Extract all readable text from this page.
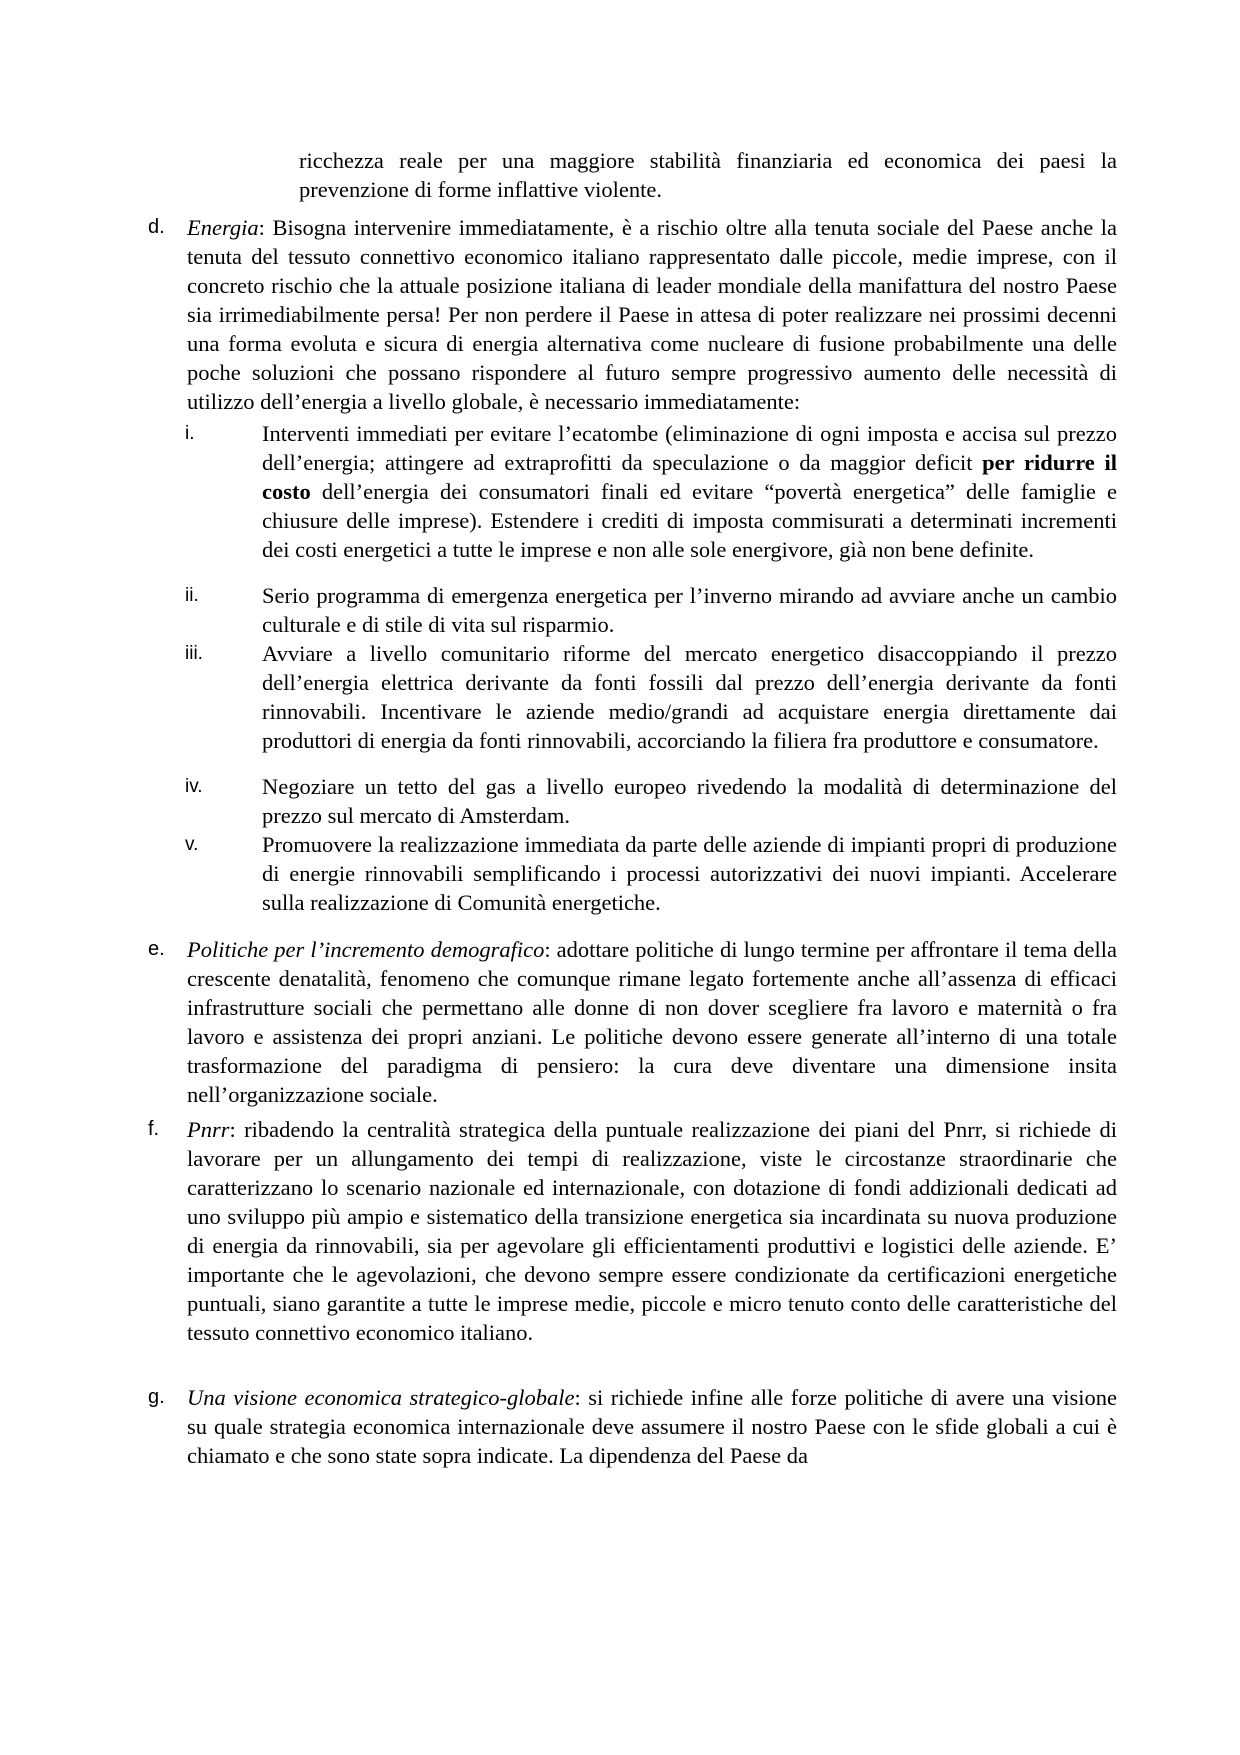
ricchezza reale per una maggiore stabilità finanziaria ed economica dei paesi la prevenzione di forme inflattive violente.
d. Energia: Bisogna intervenire immediatamente, è a rischio oltre alla tenuta sociale del Paese anche la tenuta del tessuto connettivo economico italiano rappresentato dalle piccole, medie imprese, con il concreto rischio che la attuale posizione italiana di leader mondiale della manifattura del nostro Paese sia irrimediabilmente persa! Per non perdere il Paese in attesa di poter realizzare nei prossimi decenni una forma evoluta e sicura di energia alternativa come nucleare di fusione probabilmente una delle poche soluzioni che possano rispondere al futuro sempre progressivo aumento delle necessità di utilizzo dell’energia a livello globale, è necessario immediatamente:
i.	Interventi immediati per evitare l’ecatombe (eliminazione di ogni imposta e accisa sul prezzo dell’energia; attingere ad extraprofitti da speculazione o da maggior deficit per ridurre il costo dell’energia dei consumatori finali ed evitare “povertà energetica” delle famiglie e chiusure delle imprese). Estendere i crediti di imposta commisurati a determinati incrementi dei costi energetici a tutte le imprese e non alle sole energivore, già non bene definite.
ii.	Serio programma di emergenza energetica per l’inverno mirando ad avviare anche un cambio culturale e di stile di vita sul risparmio.
iii.	Avviare a livello comunitario riforme del mercato energetico disaccoppiando il prezzo dell’energia elettrica derivante da fonti fossili dal prezzo dell’energia derivante da fonti rinnovabili. Incentivare le aziende medio/grandi ad acquistare energia direttamente dai produttori di energia da fonti rinnovabili, accorciando la filiera fra produttore e consumatore.
iv.	Negoziare un tetto del gas a livello europeo rivedendo la modalità di determinazione del prezzo sul mercato di Amsterdam.
v.	Promuovere la realizzazione immediata da parte delle aziende di impianti propri di produzione di energie rinnovabili semplificando i processi autorizzativi dei nuovi impianti. Accelerare sulla realizzazione di Comunità energetiche.
e. Politiche per l’incremento demografico: adottare politiche di lungo termine per affrontare il tema della crescente denatalità, fenomeno che comunque rimane legato fortemente anche all’assenza di efficaci infrastrutture sociali che permettano alle donne di non dover scegliere fra lavoro e maternità o fra lavoro e assistenza dei propri anziani. Le politiche devono essere generate all’interno di una totale trasformazione del paradigma di pensiero: la cura deve diventare una dimensione insita nell’organizzazione sociale.
f. Pnrr: ribadendo la centralità strategica della puntuale realizzazione dei piani del Pnrr, si richiede di lavorare per un allungamento dei tempi di realizzazione, viste le circostanze straordinarie che caratterizzano lo scenario nazionale ed internazionale, con dotazione di fondi addizionali dedicati ad uno sviluppo più ampio e sistematico della transizione energetica sia incardinata su nuova produzione di energia da rinnovabili, sia per agevolare gli efficientamenti produttivi e logistici delle aziende. E’ importante che le agevolazioni, che devono sempre essere condizionate da certificazioni energetiche puntuali, siano garantite a tutte le imprese medie, piccole e micro tenuto conto delle caratteristiche del tessuto connettivo economico italiano.
g. Una visione economica strategico-globale: si richiede infine alle forze politiche di avere una visione su quale strategia economica internazionale deve assumere il nostro Paese con le sfide globali a cui è chiamato e che sono state sopra indicate. La dipendenza del Paese da
